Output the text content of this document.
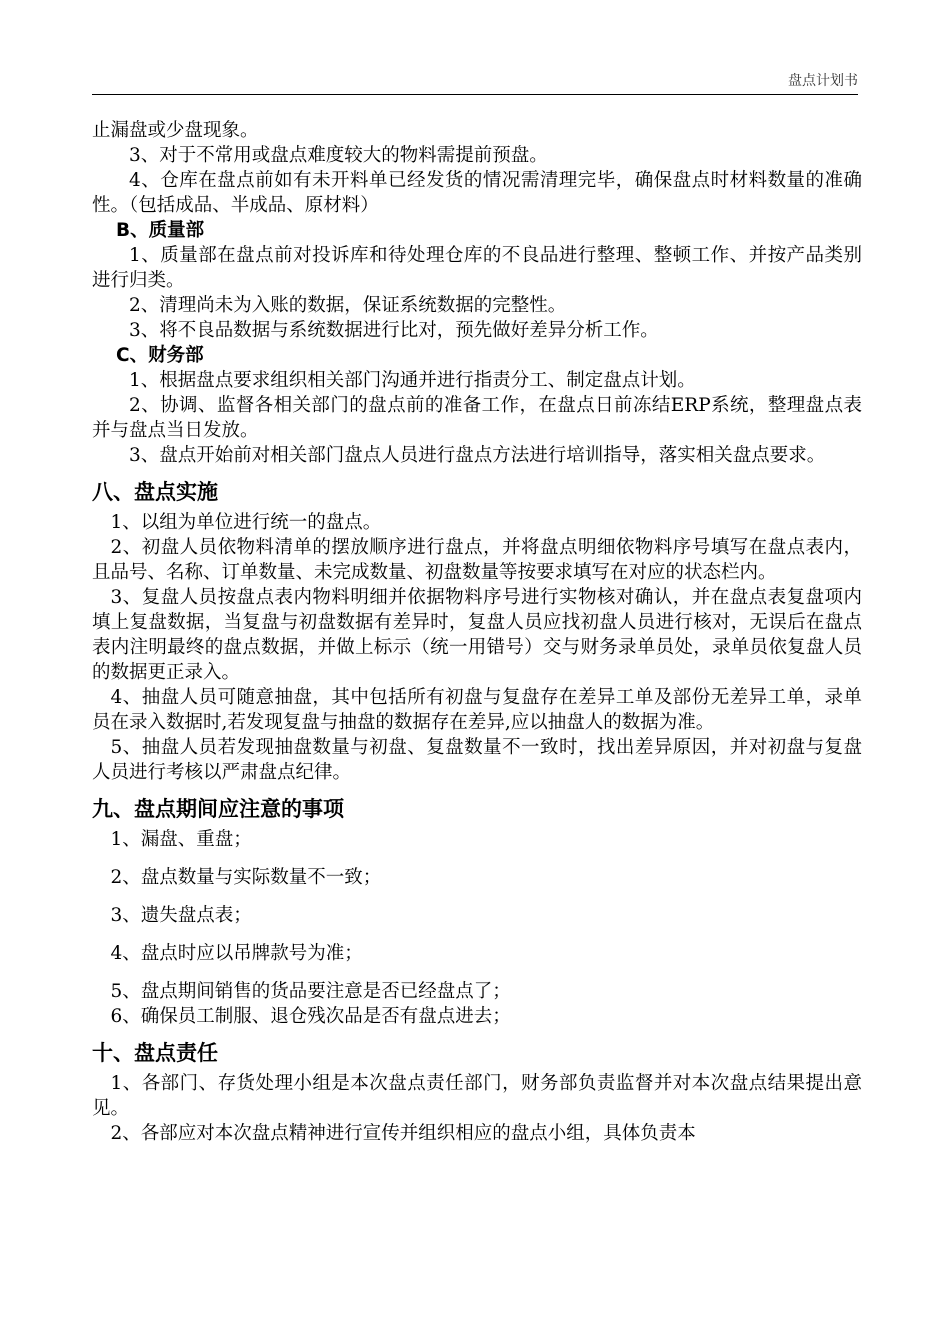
盘点计划书

止漏盘或少盘现象。

3、对于不常用或盘点难度较大的物料需提前预盘。

4、仓库在盘点前如有未开料单已经发货的情况需清理完毕，确保盘点时材料数量的准确性。（包括成品、半成品、原材料）

B、质量部

1、质量部在盘点前对投诉库和待处理仓库的不良品进行整理、整顿工作、并按产品类别进行归类。

2、清理尚未为入账的数据，保证系统数据的完整性。

3、将不良品数据与系统数据进行比对，预先做好差异分析工作。

C、财务部

1、根据盘点要求组织相关部门沟通并进行指责分工、制定盘点计划。

2、协调、监督各相关部门的盘点前的准备工作，在盘点日前冻结ERP系统，整理盘点表并与盘点当日发放。

3、盘点开始前对相关部门盘点人员进行盘点方法进行培训指导，落实相关盘点要求。

八、盘点实施

1、以组为单位进行统一的盘点。

2、初盘人员依物料清单的摆放顺序进行盘点，并将盘点明细依物料序号填写在盘点表内，且品号、名称、订单数量、未完成数量、初盘数量等按要求填写在对应的状态栏内。

3、复盘人员按盘点表内物料明细并依据物料序号进行实物核对确认，并在盘点表复盘项内填上复盘数据，当复盘与初盘数据有差异时，复盘人员应找初盘人员进行核对，无误后在盘点表内注明最终的盘点数据，并做上标示（统一用错号）交与财务录单员处，录单员依复盘人员的数据更正录入。

4、抽盘人员可随意抽盘，其中包括所有初盘与复盘存在差异工单及部份无差异工单，录单员在录入数据时,若发现复盘与抽盘的数据存在差异,应以抽盘人的数据为准。

5、抽盘人员若发现抽盘数量与初盘、复盘数量不一致时，找出差异原因，并对初盘与复盘人员进行考核以严肃盘点纪律。

九、盘点期间应注意的事项

1、漏盘、重盘；

2、盘点数量与实际数量不一致；

3、遗失盘点表；

4、盘点时应以吊牌款号为准；

5、盘点期间销售的货品要注意是否已经盘点了；

6、确保员工制服、退仓残次品是否有盘点进去；

十、盘点责任

1、各部门、存货处理小组是本次盘点责任部门，财务部负责监督并对本次盘点结果提出意见。

2、各部应对本次盘点精神进行宣传并组织相应的盘点小组，具体负责本
